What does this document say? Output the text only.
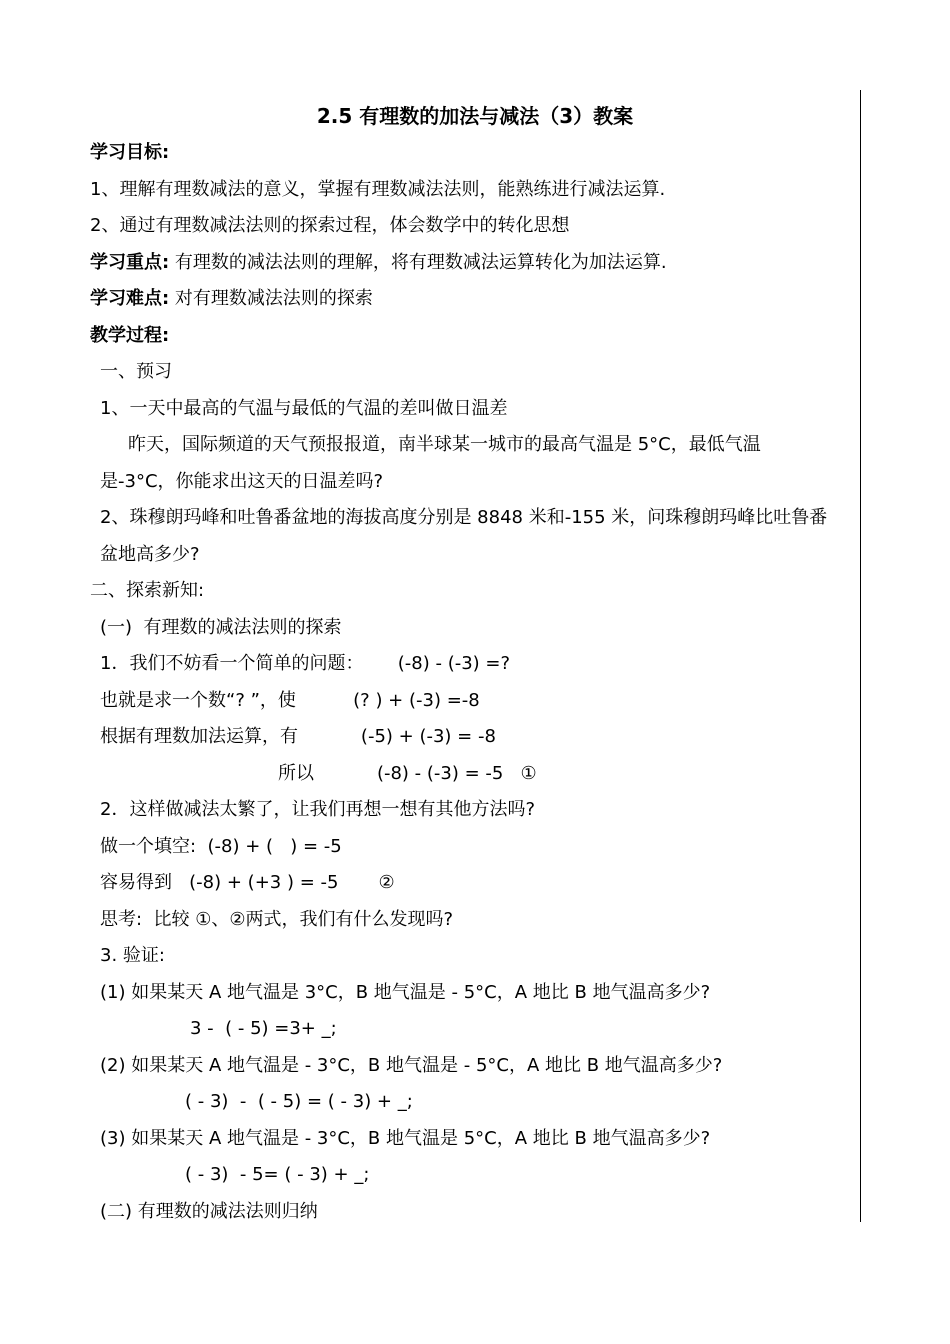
2.5 有理数的加法与减法（3）教案
学习目标:
1、理解有理数减法的意义，掌握有理数减法法则，能熟练进行减法运算.
2、通过有理数减法法则的探索过程，体会数学中的转化思想
学习重点: 有理数的减法法则的理解，将有理数减法运算转化为加法运算.
学习难点: 对有理数减法法则的探索
教学过程:
一、预习
1、一天中最高的气温与最低的气温的差叫做日温差
昨天，国际频道的天气预报报道，南半球某一城市的最高气温是 5°C，最低气温
是-3°C，你能求出这天的日温差吗?
2、珠穆朗玛峰和吐鲁番盆地的海拔高度分别是 8848 米和-155 米，问珠穆朗玛峰比吐鲁番
盆地高多少?
二、探索新知:
(一)  有理数的减法法则的探索
1．我们不妨看一个简单的问题：      (-8) - (-3) =?
也就是求一个数“? ”，使          (? ) + (-3) =-8
根据有理数加法运算，有           (-5) + (-3) = -8
所以           (-8) - (-3) = -5   ①
2．这样做减法太繁了，让我们再想一想有其他方法吗?
做一个填空:  (-8) + (   ) = -5
容易得到   (-8) + (+3 ) = -5       ②
思考:  比较 ①、②两式，我们有什么发现吗?
3. 验证:
(1) 如果某天 A 地气温是 3°C，B 地气温是 - 5°C，A 地比 B 地气温高多少?
3 -  ( - 5) =3+ _;
(2) 如果某天 A 地气温是 - 3°C，B 地气温是 - 5°C，A 地比 B 地气温高多少?
( - 3)  -  ( - 5) = ( - 3) + _;
(3) 如果某天 A 地气温是 - 3°C，B 地气温是 5°C，A 地比 B 地气温高多少?
( - 3)  - 5= ( - 3) + _;
(二) 有理数的减法法则归纳
